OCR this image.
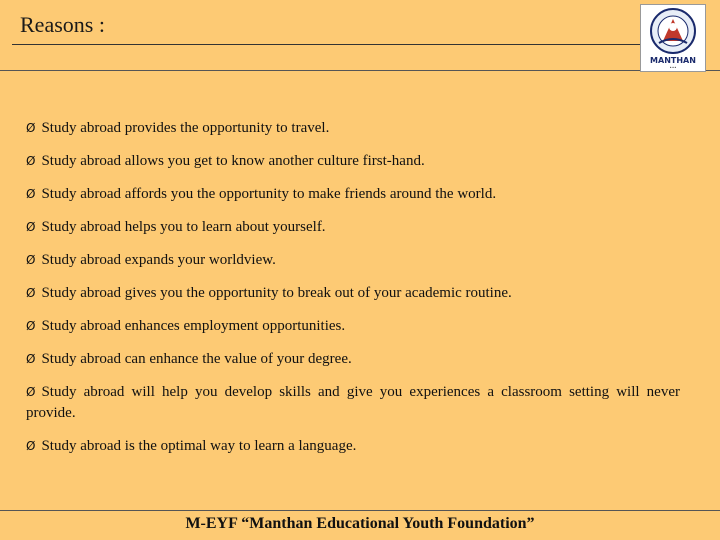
Reasons :
MANTHAN
•••
Ø Study abroad provides the opportunity to travel.
Ø Study abroad allows you get to know another culture first-hand.
Ø Study abroad affords you the opportunity to make friends around the world.
Ø Study abroad helps you to learn about yourself.
Ø Study abroad expands your worldview.
Ø Study abroad gives you the opportunity to break out of your academic routine.
Ø Study abroad enhances employment opportunities.
Ø Study abroad can enhance the value of your degree.
Ø Study abroad will help you develop skills and give you experiences a classroom setting will never provide.
Ø Study abroad is the optimal way to learn a language.
M-EYF “Manthan Educational Youth Foundation”
